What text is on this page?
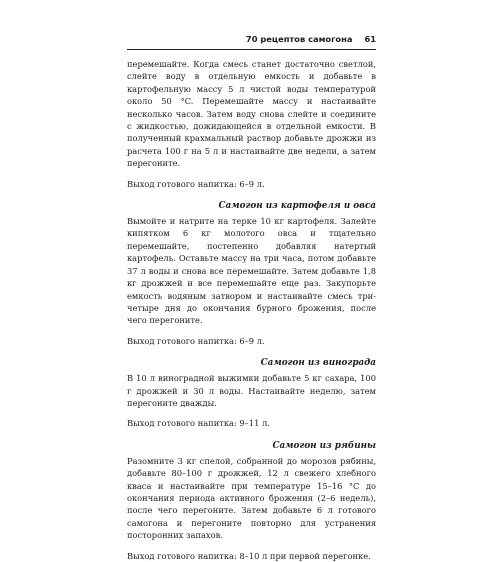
70 рецептов самогона 61

перемешайте. Когда смесь станет достаточно светлой, слейте воду в отдельную емкость и добавьте в картофельную массу 5 л чистой воды температурой около 50 °C. Перемешайте массу и настаивайте несколько часов. Затем воду снова слейте и соедините с жидкостью, дожидающейся в отдельной емкости. В полученный крахмальный раствор добавьте дрожжи из расчета 100 г на 5 л и настаивайте две недели, а затем перегоните.

Выход готового напитка: 6–9 л.

Самогон из картофеля и овса

Вымойте и натрите на терке 10 кг картофеля. Залейте кипятком 6 кг молотого овса и тщательно перемешайте, постепенно добавляя натертый картофель. Оставьте массу на три часа, потом добавьте 37 л воды и снова все перемешайте. Затем добавьте 1,8 кг дрожжей и все перемешайте еще раз. Закупорьте емкость водяным затвором и настаивайте смесь три-четыре дня до окончания бурного брожения, после чего перегоните.

Выход готового напитка: 6–9 л.

Самогон из винограда

В 10 л виноградной выжимки добавьте 5 кг сахара, 100 г дрожжей и 30 л воды. Настаивайте неделю, затем перегоните дважды.

Выход готового напитка: 9–11 л.

Самогон из рябины

Разомните 3 кг спелой, собранной до морозов рябины, добавьте 80–100 г дрожжей, 12 л свежего хлебного кваса и настаивайте при температуре 15–16 °C до окончания периода активного брожения (2–6 недель), после чего перегоните. Затем добавьте 6 л готового самогона и перегоните повторно для устранения посторонних запахов.

Выход готового напитка: 8–10 л при первой перегонке.
